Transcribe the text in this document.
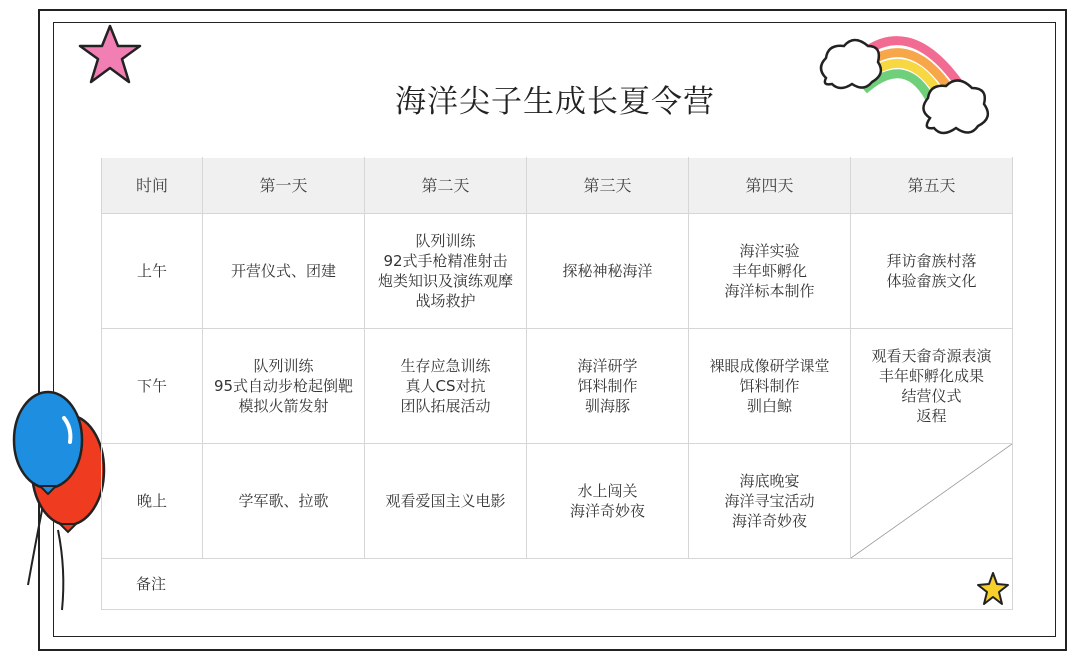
海洋尖子生成长夏令营
时间	第一天	第二天	第三天	第四天	第五天
上午	开营仪式、团建	队列训练
92式手枪精准射击
炮类知识及演练观摩
战场救护	探秘神秘海洋	海洋实验
丰年虾孵化
海洋标本制作	拜访畲族村落
体验畲族文化

下午	队列训练
95式自动步枪起倒靶
模拟火箭发射	生存应急训练
真人CS对抗
团队拓展活动	海洋研学
饵料制作
驯海豚	裸眼成像研学课堂
饵料制作
驯白鲸	观看天畲奇源表演
丰年虾孵化成果
结营仪式
返程

晚上	学军歌、拉歌	观看爱国主义电影	水上闯关
海洋奇妙夜	海底晚宴
海洋寻宝活动
海洋奇妙夜

备注					
